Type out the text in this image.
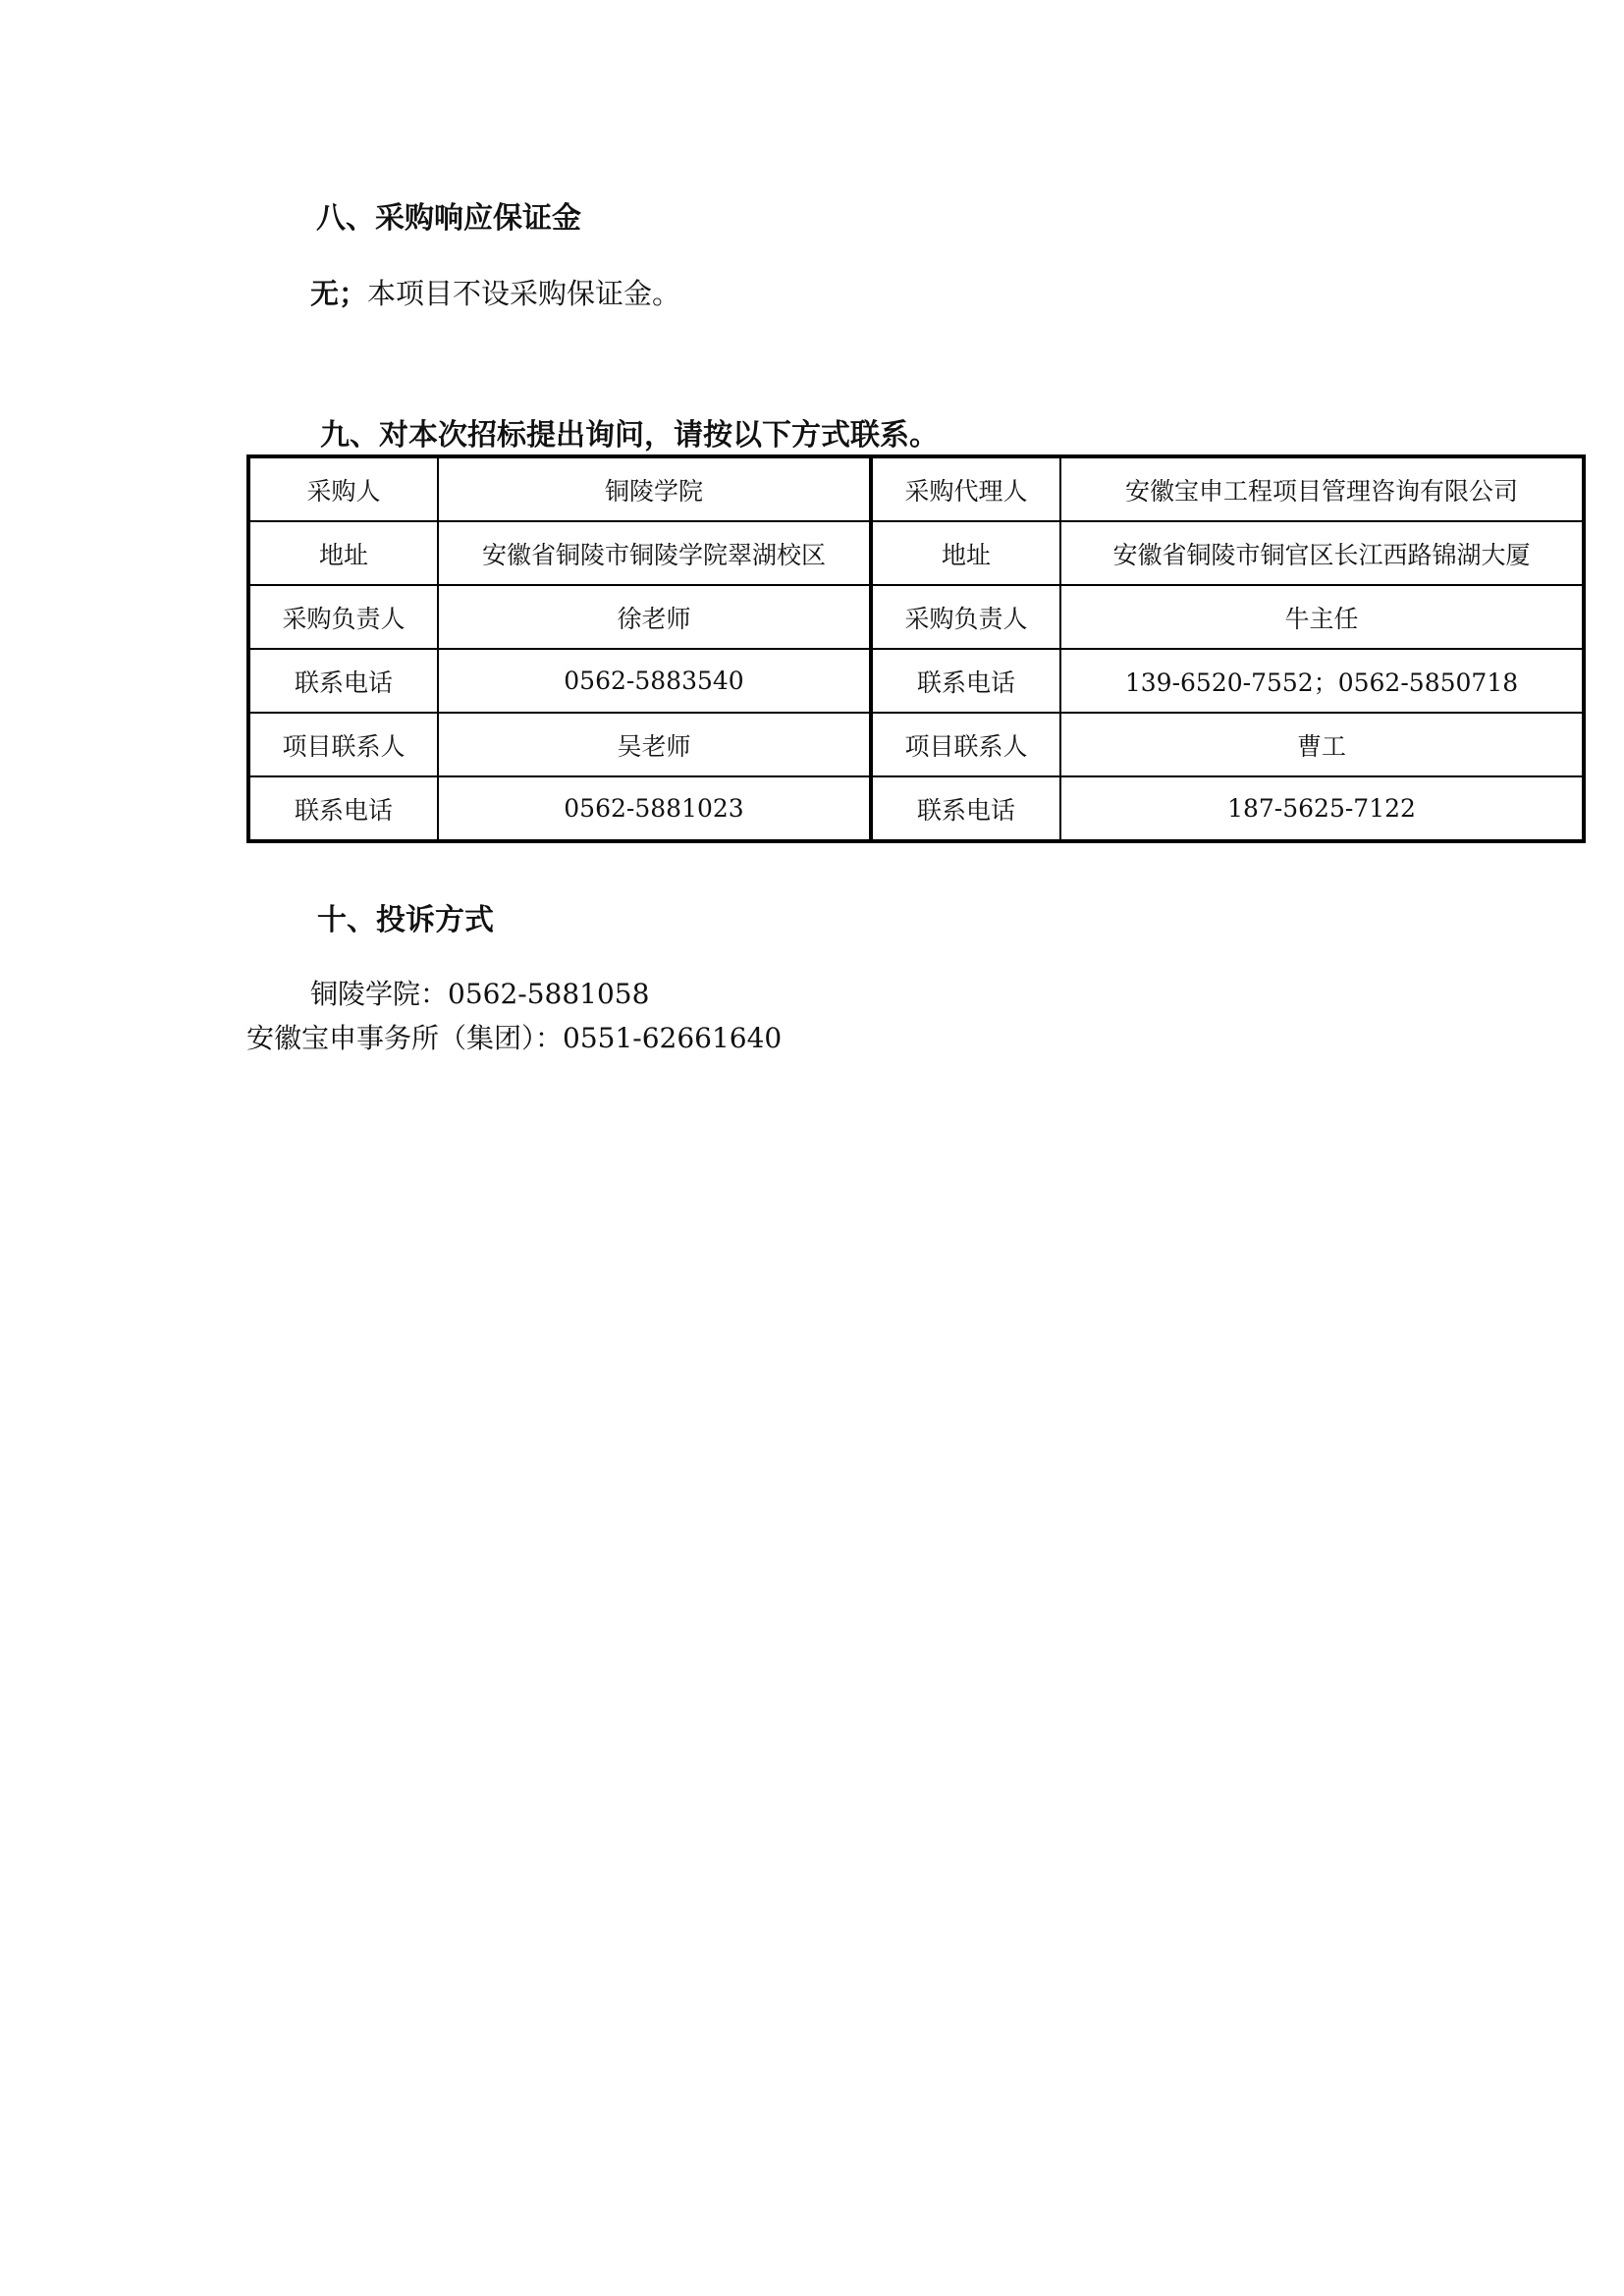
八、采购响应保证金

无；本项目不设采购保证金。

九、对本次招标提出询问，请按以下方式联系。
采购人	铜陵学院	采购代理人	安徽宝申工程项目管理咨询有限公司
地址	安徽省铜陵市铜陵学院翠湖校区	地址	安徽省铜陵市铜官区长江西路锦湖大厦
采购负责人	徐老师	采购负责人	牛主任
联系电话	0562-5883540	联系电话	139-6520-7552；0562-5850718
项目联系人	吴老师	项目联系人	曹工
联系电话	0562-5881023	联系电话	187-5625-7122
十、投诉方式

铜陵学院：0562-5881058

安徽宝申事务所（集团）：0551-62661640
